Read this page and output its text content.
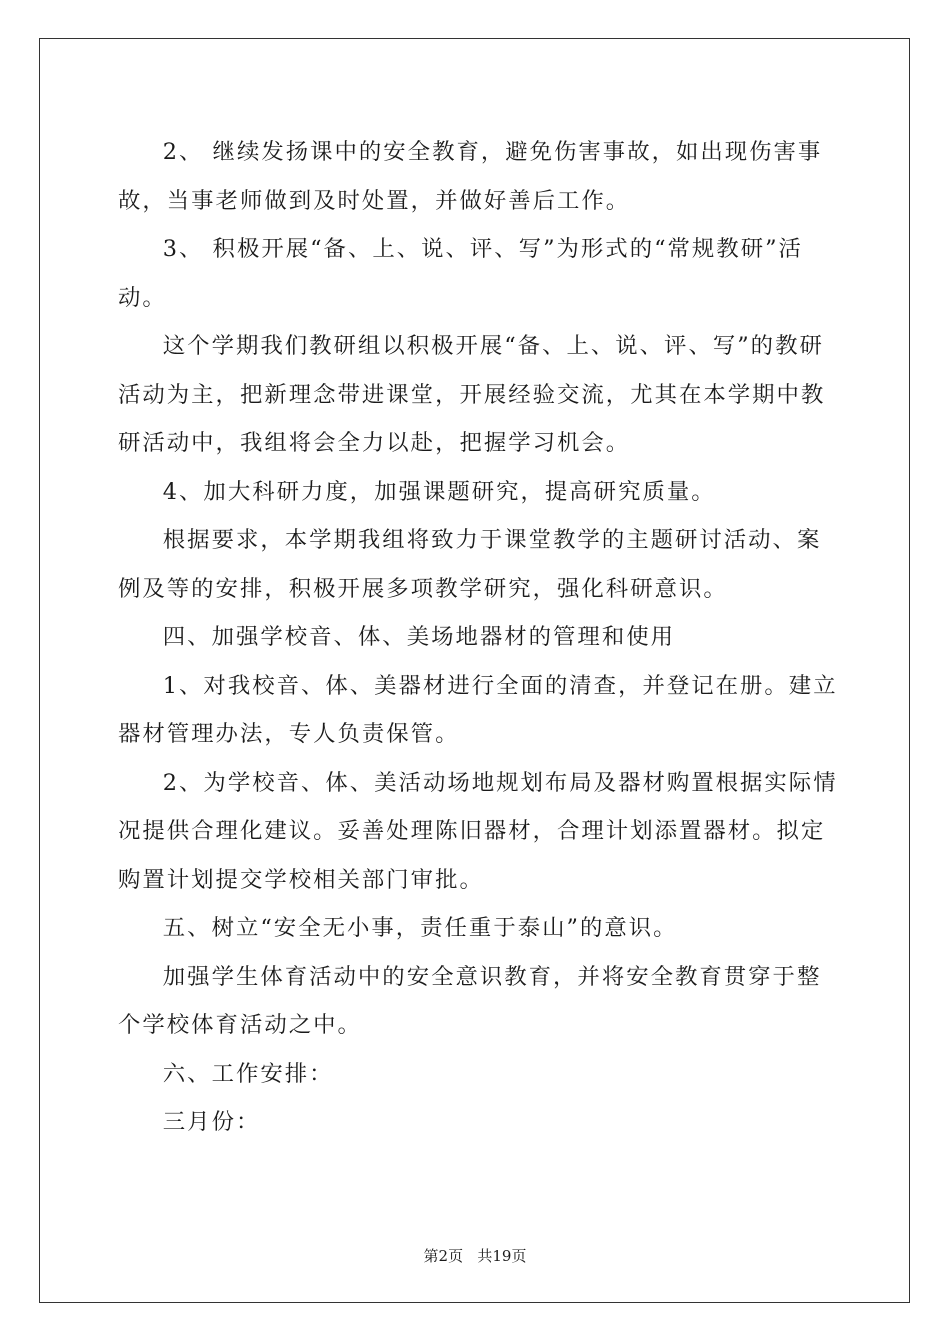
2、 继续发扬课中的安全教育，避免伤害事故，如出现伤害事故，当事老师做到及时处置，并做好善后工作。

3、 积极开展“备、上、说、评、写”为形式的“常规教研”活动。

这个学期我们教研组以积极开展“备、上、说、评、写”的教研活动为主，把新理念带进课堂，开展经验交流，尤其在本学期中教研活动中，我组将会全力以赴，把握学习机会。

4、加大科研力度，加强课题研究，提高研究质量。

根据要求，本学期我组将致力于课堂教学的主题研讨活动、案例及等的安排，积极开展多项教学研究，强化科研意识。

四、加强学校音、体、美场地器材的管理和使用

1、对我校音、体、美器材进行全面的清查，并登记在册。建立器材管理办法，专人负责保管。

2、为学校音、体、美活动场地规划布局及器材购置根据实际情况提供合理化建议。妥善处理陈旧器材，合理计划添置器材。拟定购置计划提交学校相关部门审批。

五、树立“安全无小事，责任重于泰山”的意识。

加强学生体育活动中的安全意识教育，并将安全教育贯穿于整个学校体育活动之中。

六、工作安排：

三月份：

第2页   共19页
